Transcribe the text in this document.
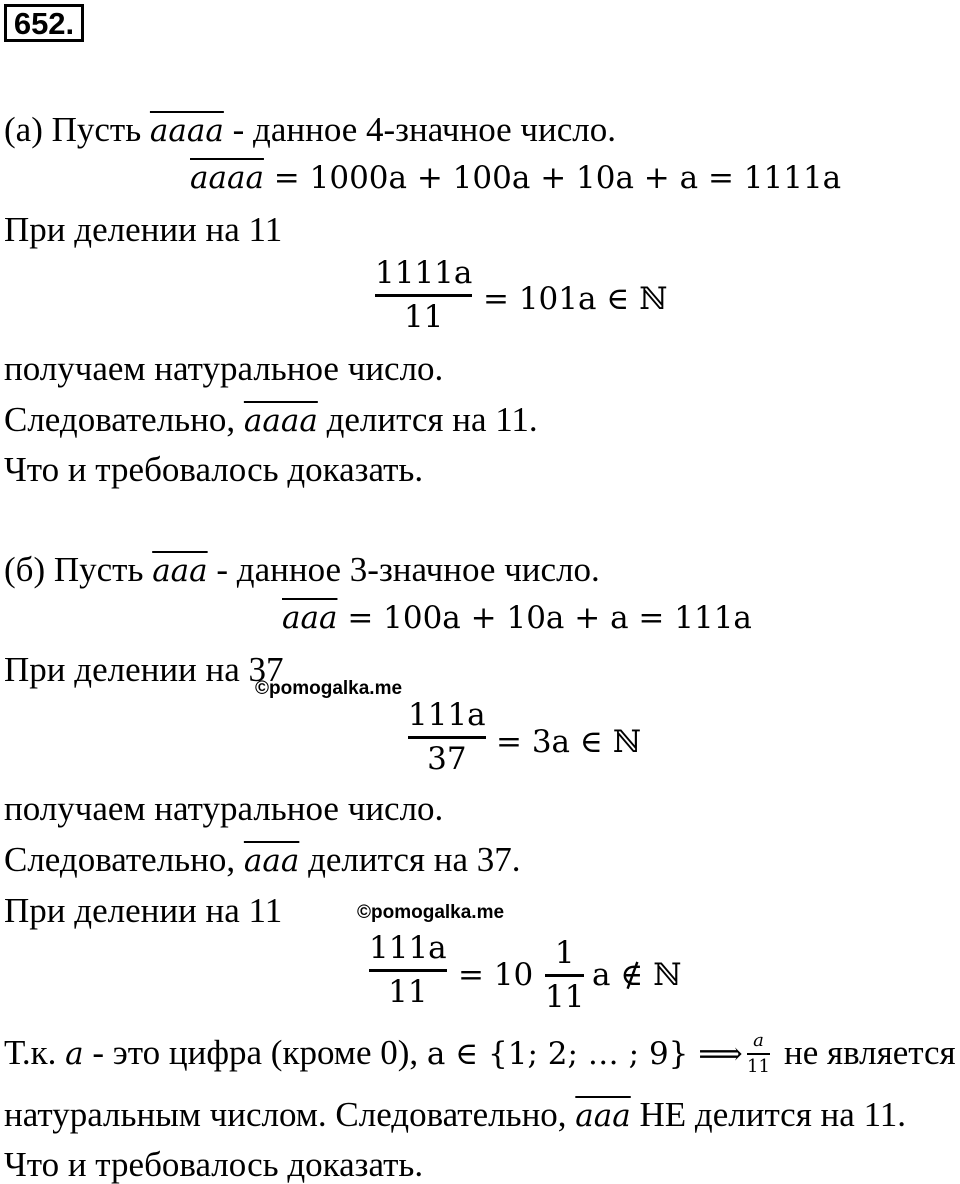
652.
(а) Пусть aaaa - данное 4-значное число.
aaaa = 1000a + 100a + 10a + a = 1111a
При делении на 11
1111a
11
= 101a ∈ ℕ
получаем натуральное число.
Следовательно, aaaa делится на 11.
Что и требовалось доказать.
(б) Пусть $\overline{aaa}$ - данное 3-значное число.
$\overline{aaa} = 100a + 10a + a = 111a$
При делении на 37
©pomogalka.me
111a
37 = 3a ∈ ℕ
получаем натуральное число.
Следовательно, $\overline{aaa}$ делится на 37.
При делении на 11	©pomogalka.me
111a
11 = 10
1
11
a ∉ ℕ
Т.к. a - это цифра (кроме 0), a ∈ {1; 2; … ; 9} ⟹ a
11 не является
натуральным числом. Следовательно, $\overline{aaa}$ НЕ делится на 11.
Что и требовалось доказать.
